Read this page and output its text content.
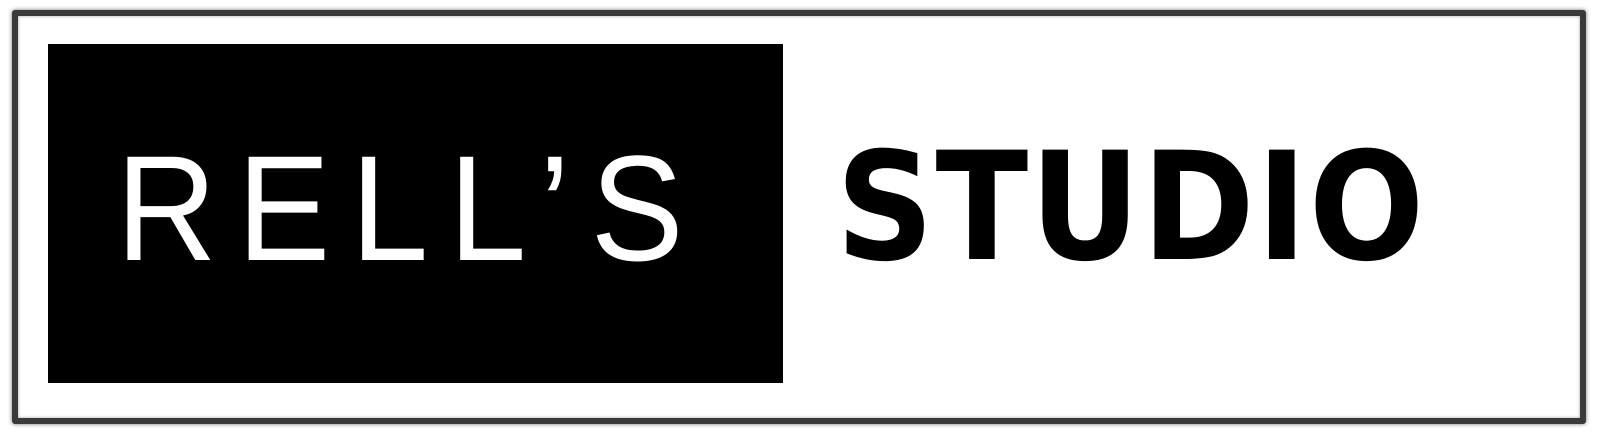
RELL’S STUDIO
